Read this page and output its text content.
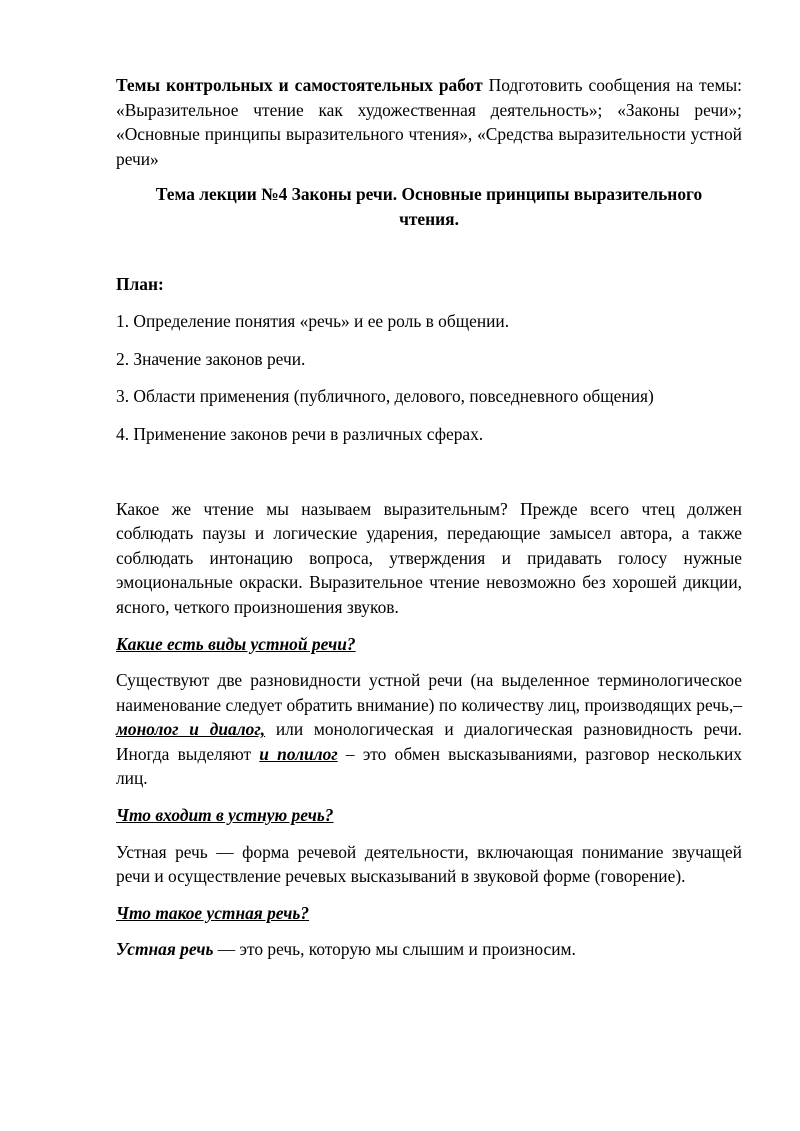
Темы контрольных и самостоятельных работ Подготовить сообщения на темы: «Выразительное чтение как художественная деятельность»; «Законы речи»; «Основные принципы выразительного чтения», «Средства выразительности устной речи»

Тема лекции №4 Законы речи. Основные принципы выразительного чтения.

План:

1. Определение понятия «речь» и ее роль в общении.

2. Значение законов речи.

3. Области применения (публичного, делового, повседневного общения)

4. Применение законов речи в различных сферах.

Какое же чтение мы называем выразительным? Прежде всего чтец должен соблюдать паузы и логические ударения, передающие замысел автора, а также соблюдать интонацию вопроса, утверждения и придавать голосу нужные эмоциональные окраски. Выразительное чтение невозможно без хорошей дикции, ясного, четкого произношения звуков.

Какие есть виды устной речи?

Существуют две разновидности устной речи (на выделенное терминологическое наименование следует обратить внимание) по количеству лиц, производящих речь,– монолог и диалог, или монологическая и диалогическая разновидность речи. Иногда выделяют и полилог – это обмен высказываниями, разговор нескольких лиц.

Что входит в устную речь?

Устная речь — форма речевой деятельности, включающая понимание звучащей речи и осуществление речевых высказываний в звуковой форме (говорение).

Что такое устная речь?

Устная речь — это речь, которую мы слышим и произносим.
